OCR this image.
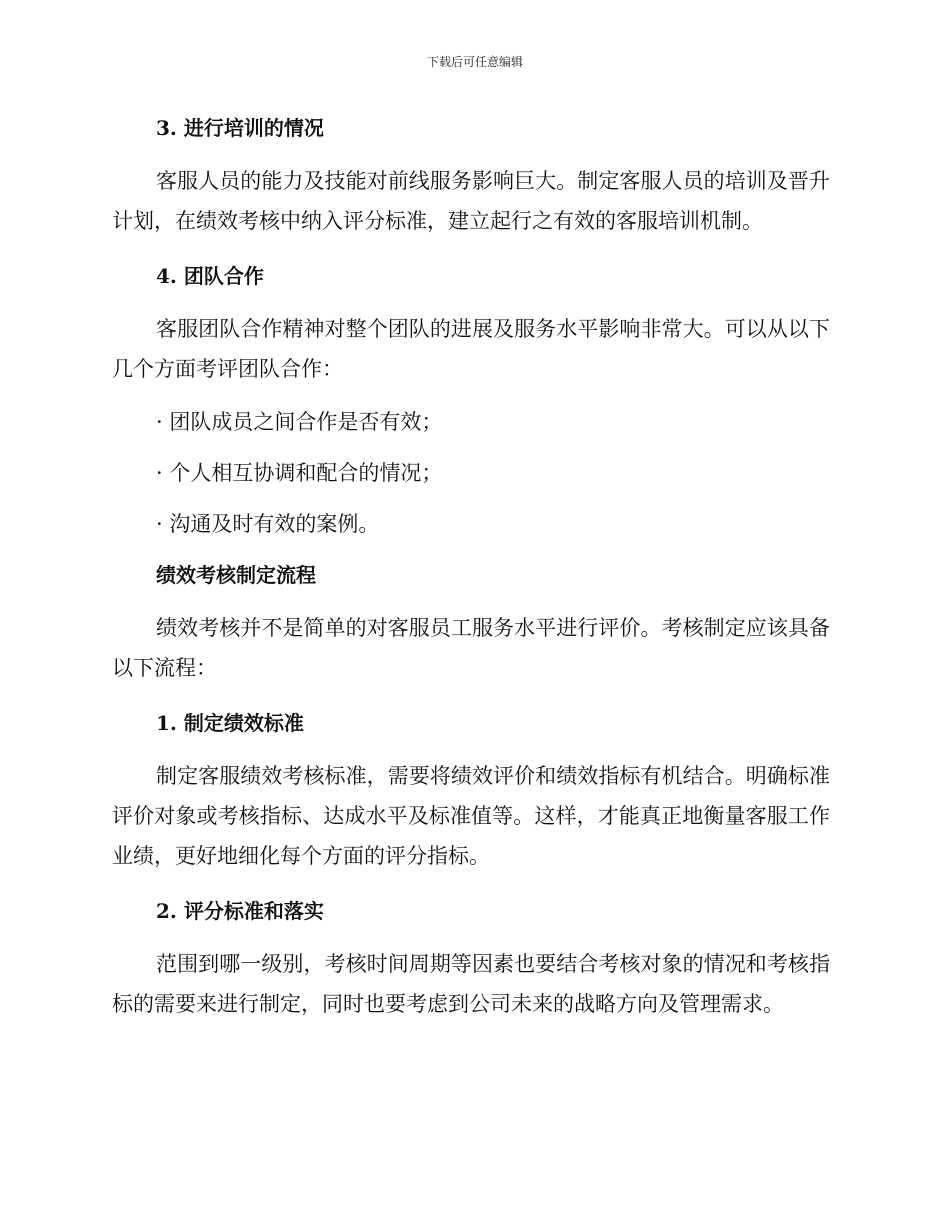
下载后可任意编辑
3. 进行培训的情况

客服人员的能力及技能对前线服务影响巨大。制定客服人员的培训及晋升计划，在绩效考核中纳入评分标准，建立起行之有效的客服培训机制。

4. 团队合作

客服团队合作精神对整个团队的进展及服务水平影响非常大。可以从以下几个方面考评团队合作：

· 团队成员之间合作是否有效；

· 个人相互协调和配合的情况；

· 沟通及时有效的案例。

绩效考核制定流程

绩效考核并不是简单的对客服员工服务水平进行评价。考核制定应该具备以下流程：

1. 制定绩效标准

制定客服绩效考核标准，需要将绩效评价和绩效指标有机结合。明确标准评价对象或考核指标、达成水平及标准值等。这样，才能真正地衡量客服工作业绩，更好地细化每个方面的评分指标。

2. 评分标准和落实

范围到哪一级别，考核时间周期等因素也要结合考核对象的情况和考核指标的需要来进行制定，同时也要考虑到公司未来的战略方向及管理需求。
